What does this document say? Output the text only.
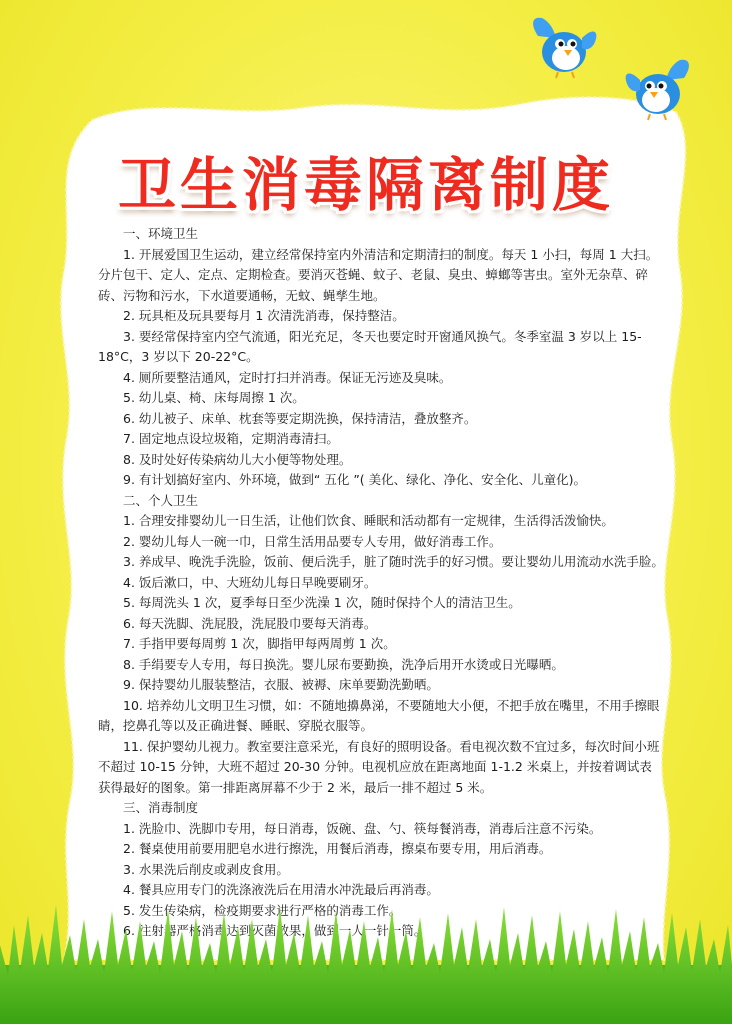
卫生消毒隔离制度

一、环境卫生

1. 开展爱国卫生运动，建立经常保持室内外清洁和定期清扫的制度。每天 1 小扫，每周 1 大扫。分片包干、定人、定点、定期检查。要消灭苍蝇、蚊子、老鼠、臭虫、蟑螂等害虫。室外无杂草、碎砖、污物和污水，下水道要通畅，无蚊、蝇孳生地。

2. 玩具柜及玩具要每月 1 次清洗消毒，保持整洁。

3. 要经常保持室内空气流通，阳光充足，冬天也要定时开窗通风换气。冬季室温 3 岁以上 15-18°C，3 岁以下 20-22°C。

4. 厕所要整洁通风，定时打扫并消毒。保证无污迹及臭味。

5. 幼儿桌、椅、床每周擦 1 次。

6. 幼儿被子、床单、枕套等要定期洗换，保持清洁，叠放整齐。

7. 固定地点设垃圾箱，定期消毒清扫。

8. 及时处好传染病幼儿大小便等物处理。

9. 有计划搞好室内、外环境，做到“ 五化 ”( 美化、绿化、净化、安全化、儿童化)。

二、个人卫生

1. 合理安排婴幼儿一日生活，让他们饮食、睡眠和活动都有一定规律，生活得活泼愉快。

2. 婴幼儿每人一碗一巾，日常生活用品要专人专用，做好消毒工作。

3. 养成早、晚洗手洗脸，饭前、便后洗手，脏了随时洗手的好习惯。要让婴幼儿用流动水洗手脸。

4. 饭后漱口，中、大班幼儿每日早晚要刷牙。

5. 每周洗头 1 次，夏季每日至少洗澡 1 次，随时保持个人的清洁卫生。

6. 每天洗脚、洗屁股，洗屁股巾要每天消毒。

7. 手指甲要每周剪 1 次，脚指甲每两周剪 1 次。

8. 手绢要专人专用，每日换洗。婴儿尿布要勤换，洗净后用开水烫或日光曝晒。

9. 保持婴幼儿服装整洁，衣服、被褥、床单要勤洗勤晒。

10. 培养幼儿文明卫生习惯，如：不随地擤鼻涕，不要随地大小便，不把手放在嘴里，不用手擦眼睛，挖鼻孔等以及正确进餐、睡眠、穿脱衣服等。

11. 保护婴幼儿视力。教室要注意采光，有良好的照明设备。看电视次数不宜过多，每次时间小班不超过 10-15 分钟，大班不超过 20-30 分钟。电视机应放在距离地面 1-1.2 米桌上，并按着调试表获得最好的图象。第一排距离屏幕不少于 2 米，最后一排不超过 5 米。

三、消毒制度

1. 洗脸巾、洗脚巾专用，每日消毒，饭碗、盘、勺、筷每餐消毒，消毒后注意不污染。

2. 餐桌使用前要用肥皂水进行擦洗，用餐后消毒，擦桌布要专用，用后消毒。

3. 水果洗后削皮或剥皮食用。

4. 餐具应用专门的洗涤液洗后在用清水冲洗最后再消毒。

5. 发生传染病，检疫期要求进行严格的消毒工作。

6. 注射器严格消毒达到灭菌效果，做到一人一针一筒。
